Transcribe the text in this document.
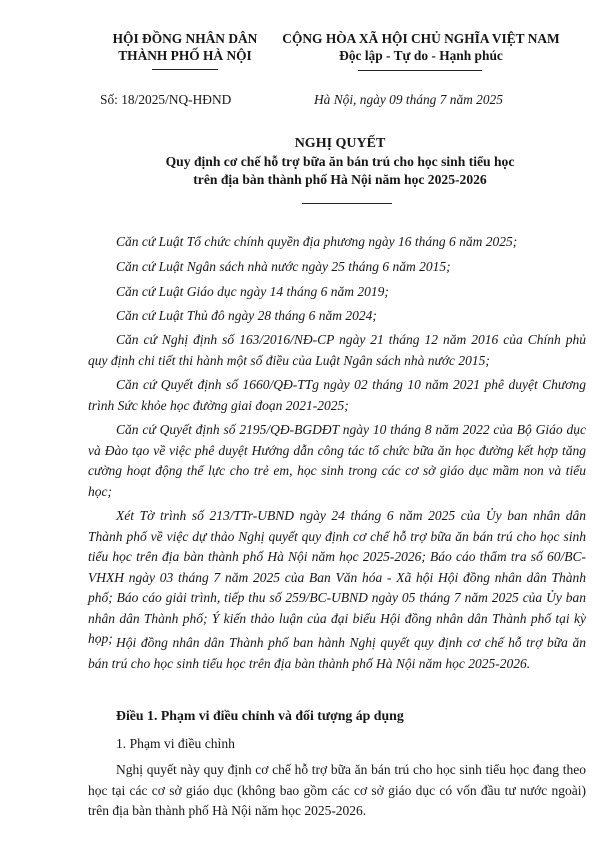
HỘI ĐỒNG NHÂN DÂN
THÀNH PHỐ HÀ NỘI
CỘNG HÒA XÃ HỘI CHỦ NGHĨA VIỆT NAM
Độc lập - Tự do - Hạnh phúc
Số: 18/2025/NQ-HĐND	Hà Nội, ngày 09 tháng 7 năm 2025
NGHỊ QUYẾT
Quy định cơ chế hỗ trợ bữa ăn bán trú cho học sinh tiểu học
trên địa bàn thành phố Hà Nội năm học 2025-2026
Căn cứ Luật Tổ chức chính quyền địa phương ngày 16 tháng 6 năm 2025;
Căn cứ Luật Ngân sách nhà nước ngày 25 tháng 6 năm 2015;
Căn cứ Luật Giáo dục ngày 14 tháng 6 năm 2019;
Căn cứ Luật Thủ đô ngày 28 tháng 6 năm 2024;
Căn cứ Nghị định số 163/2016/NĐ-CP ngày 21 tháng 12 năm 2016 của Chính phủ quy định chi tiết thi hành một số điều của Luật Ngân sách nhà nước 2015;
Căn cứ Quyết định số 1660/QĐ-TTg ngày 02 tháng 10 năm 2021 phê duyệt Chương trình Sức khỏe học đường giai đoạn 2021-2025;
Căn cứ Quyết định số 2195/QĐ-BGDĐT ngày 10 tháng 8 năm 2022 của Bộ Giáo dục và Đào tạo về việc phê duyệt Hướng dẫn công tác tổ chức bữa ăn học đường kết hợp tăng cường hoạt động thể lực cho trẻ em, học sinh trong các cơ sở giáo dục mầm non và tiểu học;
Xét Tờ trình số 213/TTr-UBND ngày 24 tháng 6 năm 2025 của Ủy ban nhân dân Thành phố về việc dự thảo Nghị quyết quy định cơ chế hỗ trợ bữa ăn bán trú cho học sinh tiểu học trên địa bàn thành phố Hà Nội năm học 2025-2026; Báo cáo thẩm tra số 60/BC-VHXH ngày 03 tháng 7 năm 2025 của Ban Văn hóa - Xã hội Hội đồng nhân dân Thành phố; Báo cáo giải trình, tiếp thu số 259/BC-UBND ngày 05 tháng 7 năm 2025 của Ủy ban nhân dân Thành phố; Ý kiến thảo luận của đại biểu Hội đồng nhân dân Thành phố tại kỳ họp; Hội đồng nhân dân Thành phố ban hành Nghị quyết quy định cơ chế hỗ trợ bữa ăn bán trú cho học sinh tiểu học trên địa bàn thành phố Hà Nội năm học 2025-2026.
Điều 1. Phạm vi điều chỉnh và đối tượng áp dụng
1. Phạm vi điều chỉnh
Nghị quyết này quy định cơ chế hỗ trợ bữa ăn bán trú cho học sinh tiểu học đang theo học tại các cơ sở giáo dục (không bao gồm các cơ sở giáo dục có vốn đầu tư nước ngoài) trên địa bàn thành phố Hà Nội năm học 2025-2026.
